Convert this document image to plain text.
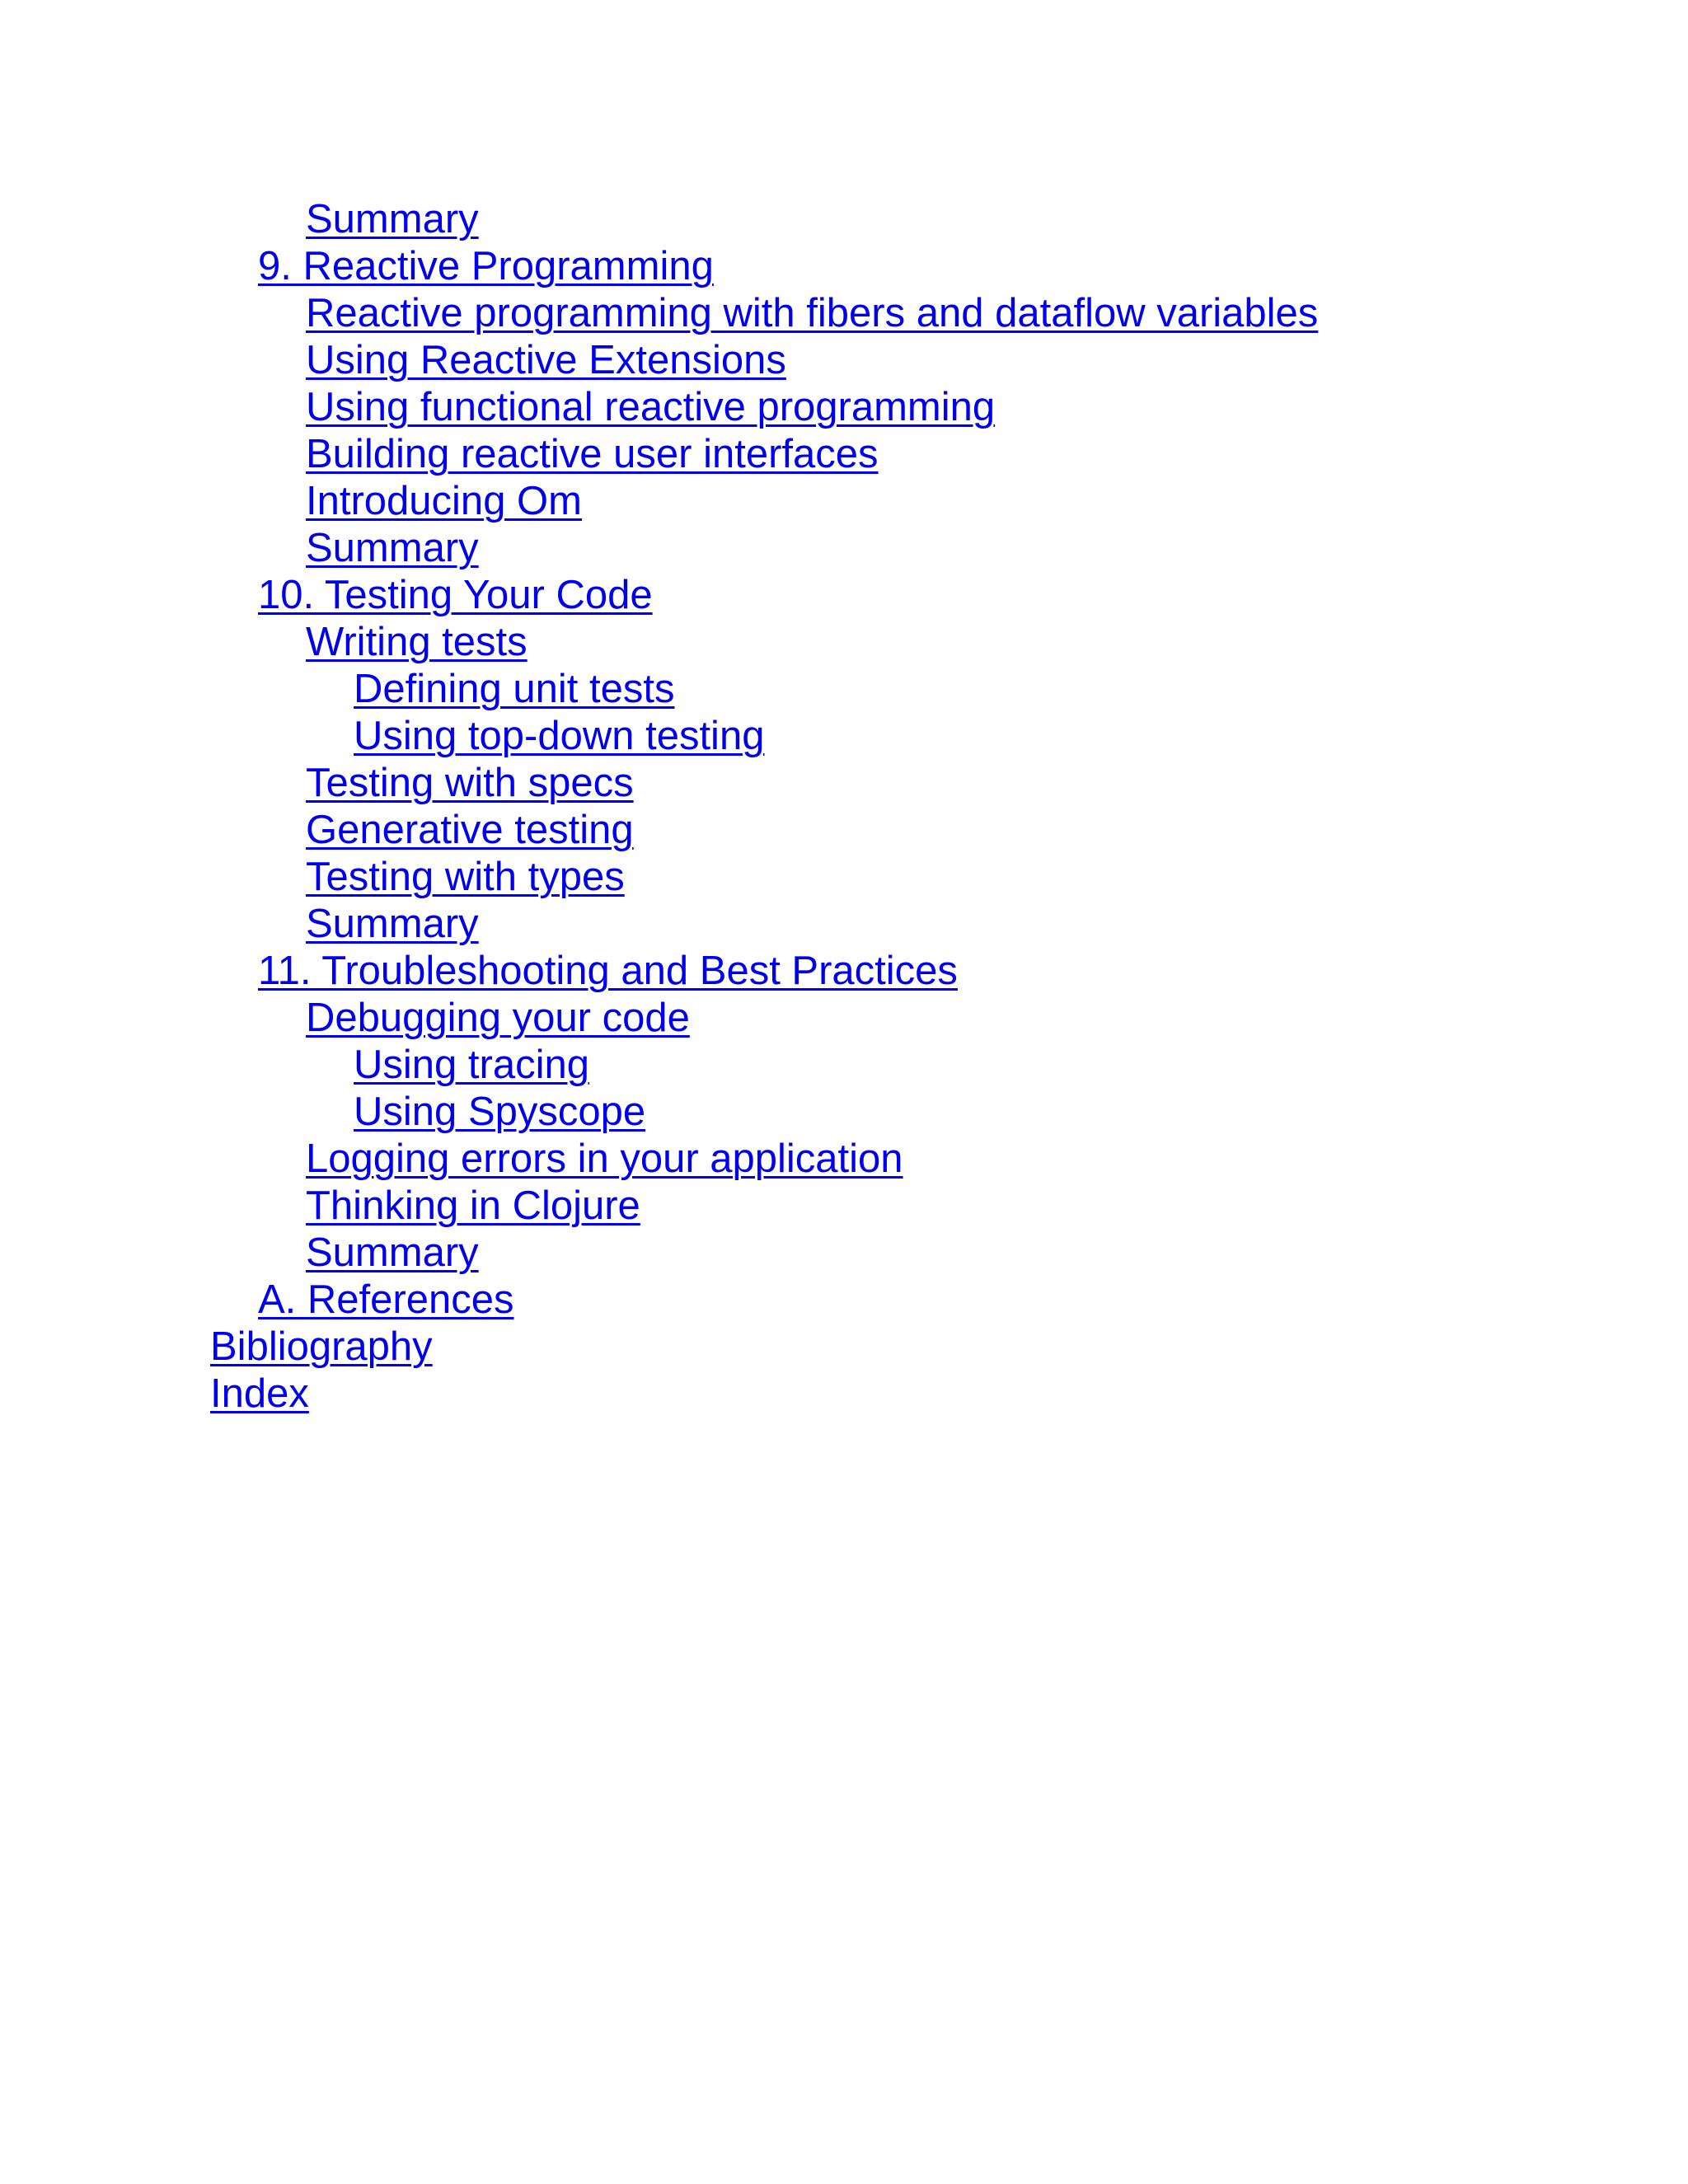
Summary
9. Reactive Programming
Reactive programming with fibers and dataflow variables
Using Reactive Extensions
Using functional reactive programming
Building reactive user interfaces
Introducing Om
Summary
10. Testing Your Code
Writing tests
Defining unit tests
Using top-down testing
Testing with specs
Generative testing
Testing with types
Summary
11. Troubleshooting and Best Practices
Debugging your code
Using tracing
Using Spyscope
Logging errors in your application
Thinking in Clojure
Summary
A. References
Bibliography
Index
